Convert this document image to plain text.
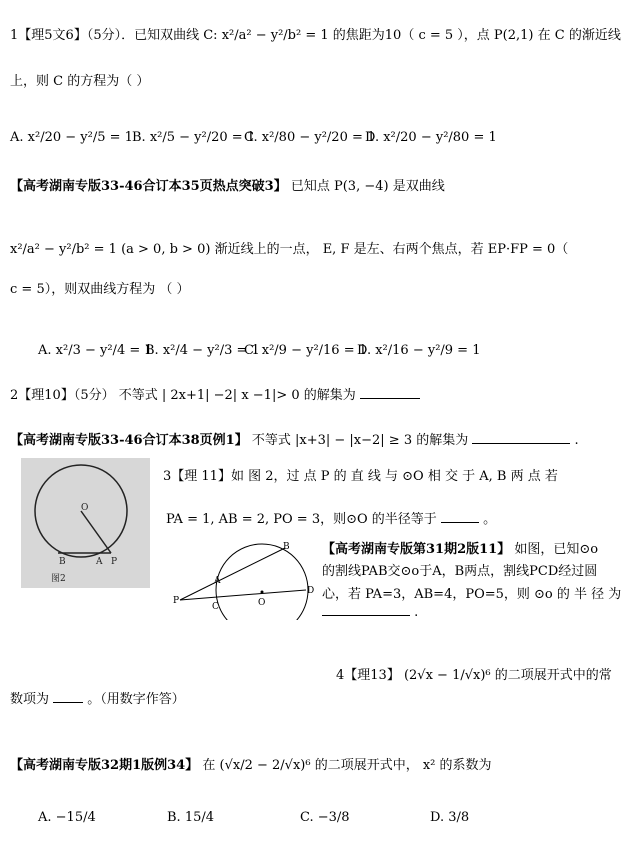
1【理5文6】（5分）．已知双曲线 C: x²/a² − y²/b² = 1 的焦距为10（ c = 5 ），点 P(2,1) 在 C 的渐近线
上，则 C 的方程为（ ）
A. x²/20 − y²/5 = 1 B. x²/5 − y²/20 = 1
C. x²/80 − y²/20 = 1
D. x²/20 − y²/80 = 1
【高考湖南专版33-46合订本35页热点突破3】 已知点 P(3, −4) 是双曲线
x²/a² − y²/b² = 1 (a > 0, b > 0) 渐近线上的一点， E, F 是左、右两个焦点，若 EP·FP = 0（
c = 5），则双曲线方程为 （ ）
A. x²/3 − y²/4 = 1
B. x²/4 − y²/3 = 1
C. x²/9 − y²/16 = 1
D. x²/16 − y²/9 = 1
2【理10】（5分） 不等式 | 2x+1| −2| x −1|> 0 的解集为
【高考湖南专版33-46合订本38页例1】 不等式 |x+3| − |x−2| ≥ 3 的解集为	.
O
B	A P
图2
3【理 11】如 图 2，过 点 P 的 直 线 与 ⊙O 相 交 于 A, B 两 点 若
PA = 1, AB = 2, PO = 3，则⊙O 的半径等于	。
P
A
B
C	O
D
【高考湖南专版第31期2版11】 如图，已知⊙o
的割线PAB交⊙o于A，B两点，割线PCD经过圆
心，若 PA=3，AB=4，PO=5，则 ⊙o 的 半 径 为
.
4【理13】 (2√x − 1/√x)⁶ 的二项展开式中的常
数项为	。（用数字作答）
【高考湖南专版32期1版例34】 在 (√x/2 − 2/√x)⁶ 的二项展开式中， x² 的系数为
A. −15/4	B. 15/4	C. −3/8	D. 3/8
